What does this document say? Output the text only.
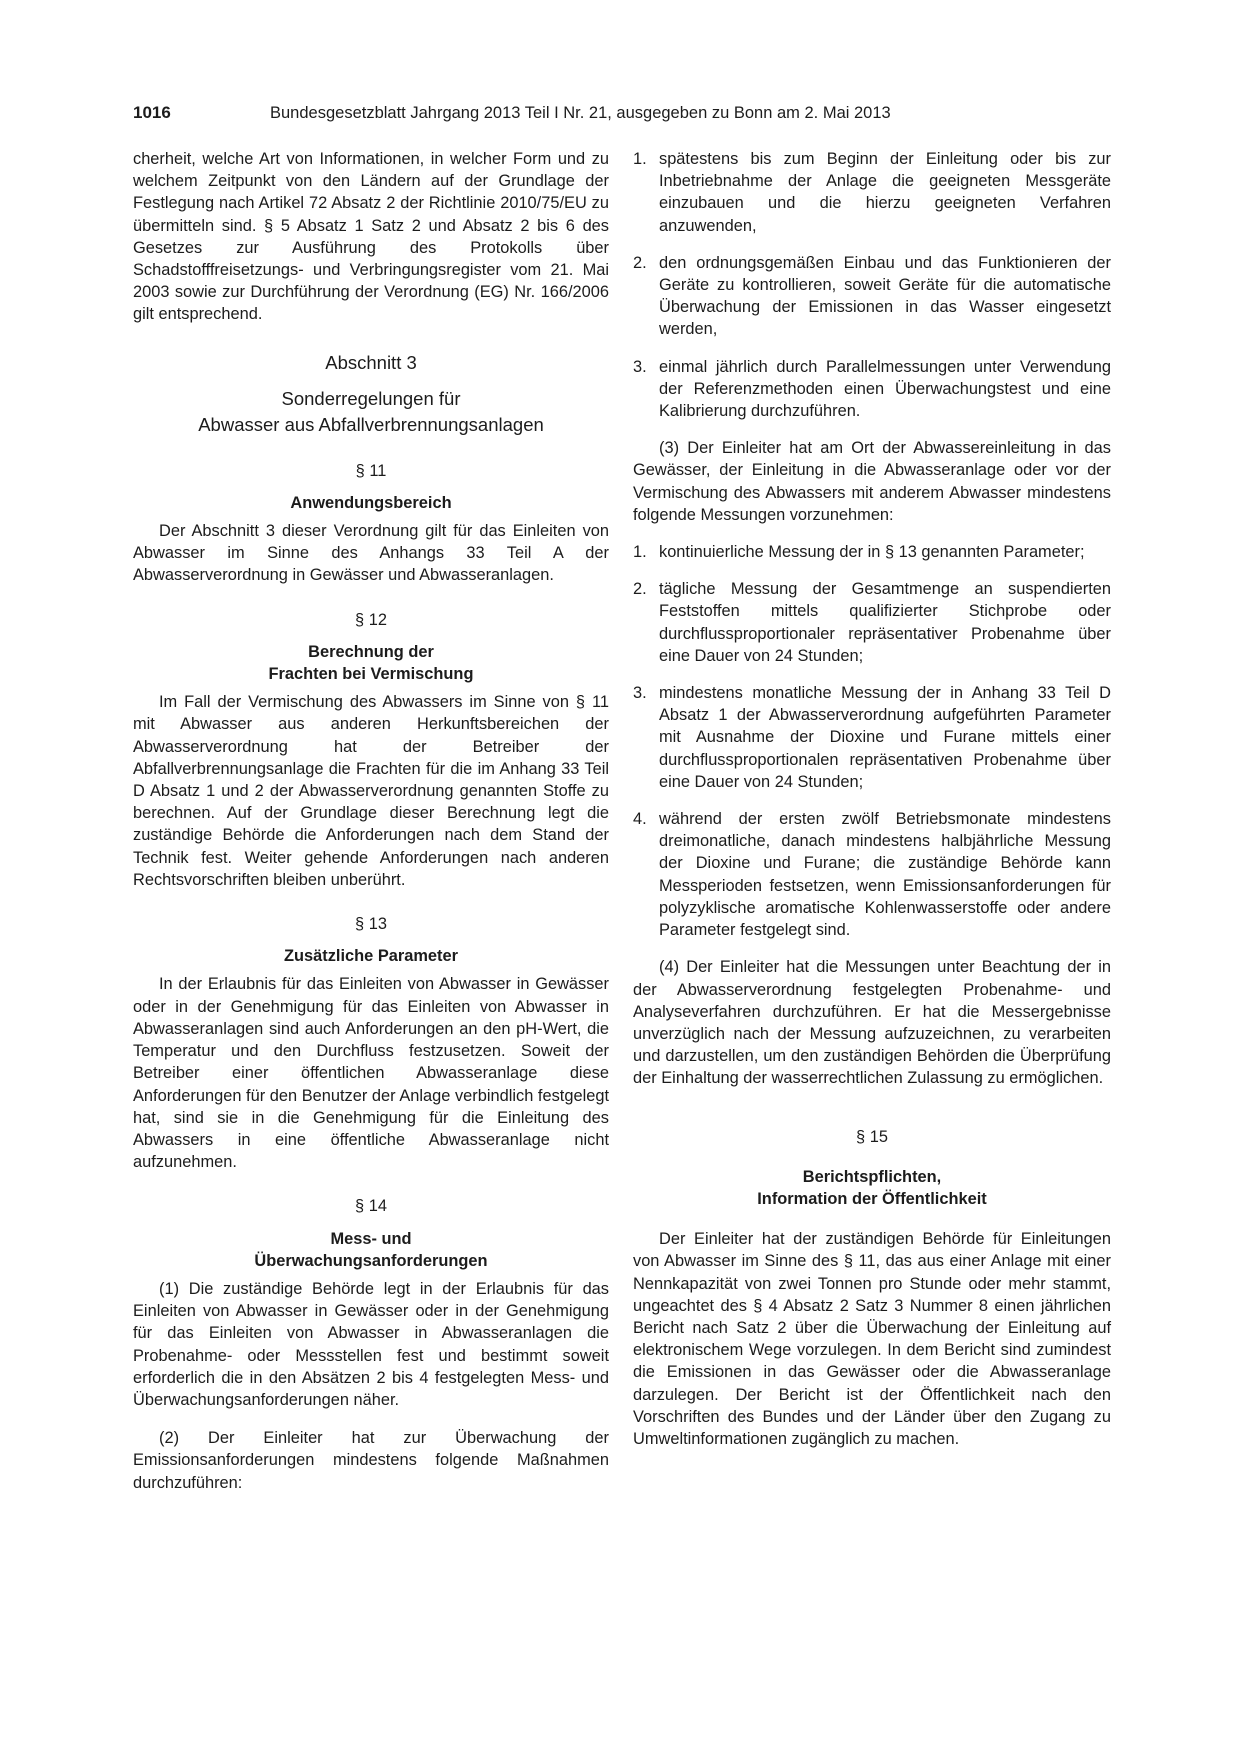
1016	Bundesgesetzblatt Jahrgang 2013 Teil I Nr. 21, ausgegeben zu Bonn am 2. Mai 2013

cherheit, welche Art von Informationen, in welcher Form und zu welchem Zeitpunkt von den Ländern auf der Grundlage der Festlegung nach Artikel 72 Absatz 2 der Richtlinie 2010/75/EU zu übermitteln sind. § 5 Absatz 1 Satz 2 und Absatz 2 bis 6 des Gesetzes zur Ausführung des Protokolls über Schadstofffreisetzungs- und Verbringungsregister vom 21. Mai 2003 sowie zur Durchführung der Verordnung (EG) Nr. 166/2006 gilt entsprechend.

Abschnitt 3
Sonderregelungen für
Abwasser aus Abfallverbrennungsanlagen
§ 11
Anwendungsbereich

Der Abschnitt 3 dieser Verordnung gilt für das Einleiten von Abwasser im Sinne des Anhangs 33 Teil A der Abwasserverordnung in Gewässer und Abwasseranlagen.

§ 12
Berechnung der
Frachten bei Vermischung

Im Fall der Vermischung des Abwassers im Sinne von § 11 mit Abwasser aus anderen Herkunftsbereichen der Abwasserverordnung hat der Betreiber der Abfallverbrennungsanlage die Frachten für die im Anhang 33 Teil D Absatz 1 und 2 der Abwasserverordnung genannten Stoffe zu berechnen. Auf der Grundlage dieser Berechnung legt die zuständige Behörde die Anforderungen nach dem Stand der Technik fest. Weiter gehende Anforderungen nach anderen Rechtsvorschriften bleiben unberührt.

§ 13
Zusätzliche Parameter

In der Erlaubnis für das Einleiten von Abwasser in Gewässer oder in der Genehmigung für das Einleiten von Abwasser in Abwasseranlagen sind auch Anforderungen an den pH-Wert, die Temperatur und den Durchfluss festzusetzen. Soweit der Betreiber einer öffentlichen Abwasseranlage diese Anforderungen für den Benutzer der Anlage verbindlich festgelegt hat, sind sie in die Genehmigung für die Einleitung des Abwassers in eine öffentliche Abwasseranlage nicht aufzunehmen.

§ 14
Mess- und
Überwachungsanforderungen

(1) Die zuständige Behörde legt in der Erlaubnis für das Einleiten von Abwasser in Gewässer oder in der Genehmigung für das Einleiten von Abwasser in Abwasseranlagen die Probenahme- oder Messstellen fest und bestimmt soweit erforderlich die in den Absätzen 2 bis 4 festgelegten Mess- und Überwachungsanforderungen näher.

(2) Der Einleiter hat zur Überwachung der Emissionsanforderungen mindestens folgende Maßnahmen durchzuführen:

1. spätestens bis zum Beginn der Einleitung oder bis zur Inbetriebnahme der Anlage die geeigneten Messgeräte einzubauen und die hierzu geeigneten Verfahren anzuwenden,
2. den ordnungsgemäßen Einbau und das Funktionieren der Geräte zu kontrollieren, soweit Geräte für die automatische Überwachung der Emissionen in das Wasser eingesetzt werden,
3. einmal jährlich durch Parallelmessungen unter Verwendung der Referenzmethoden einen Überwachungstest und eine Kalibrierung durchzuführen.

(3) Der Einleiter hat am Ort der Abwassereinleitung in das Gewässer, der Einleitung in die Abwasseranlage oder vor der Vermischung des Abwassers mit anderem Abwasser mindestens folgende Messungen vorzunehmen:

1. kontinuierliche Messung der in § 13 genannten Parameter;
2. tägliche Messung der Gesamtmenge an suspendierten Feststoffen mittels qualifizierter Stichprobe oder durchflussproportionaler repräsentativer Probenahme über eine Dauer von 24 Stunden;
3. mindestens monatliche Messung der in Anhang 33 Teil D Absatz 1 der Abwasserverordnung aufgeführten Parameter mit Ausnahme der Dioxine und Furane mittels einer durchflussproportionalen repräsentativen Probenahme über eine Dauer von 24 Stunden;
4. während der ersten zwölf Betriebsmonate mindestens dreimonatliche, danach mindestens halbjährliche Messung der Dioxine und Furane; die zuständige Behörde kann Messperioden festsetzen, wenn Emissionsanforderungen für polyzyklische aromatische Kohlenwasserstoffe oder andere Parameter festgelegt sind.

(4) Der Einleiter hat die Messungen unter Beachtung der in der Abwasserverordnung festgelegten Probenahme- und Analyseverfahren durchzuführen. Er hat die Messergebnisse unverzüglich nach der Messung aufzuzeichnen, zu verarbeiten und darzustellen, um den zuständigen Behörden die Überprüfung der Einhaltung der wasserrechtlichen Zulassung zu ermöglichen.

§ 15
Berichtspflichten,
Information der Öffentlichkeit

Der Einleiter hat der zuständigen Behörde für Einleitungen von Abwasser im Sinne des § 11, das aus einer Anlage mit einer Nennkapazität von zwei Tonnen pro Stunde oder mehr stammt, ungeachtet des § 4 Absatz 2 Satz 3 Nummer 8 einen jährlichen Bericht nach Satz 2 über die Überwachung der Einleitung auf elektronischem Wege vorzulegen. In dem Bericht sind zumindest die Emissionen in das Gewässer oder die Abwasseranlage darzulegen. Der Bericht ist der Öffentlichkeit nach den Vorschriften des Bundes und der Länder über den Zugang zu Umweltinformationen zugänglich zu machen.
